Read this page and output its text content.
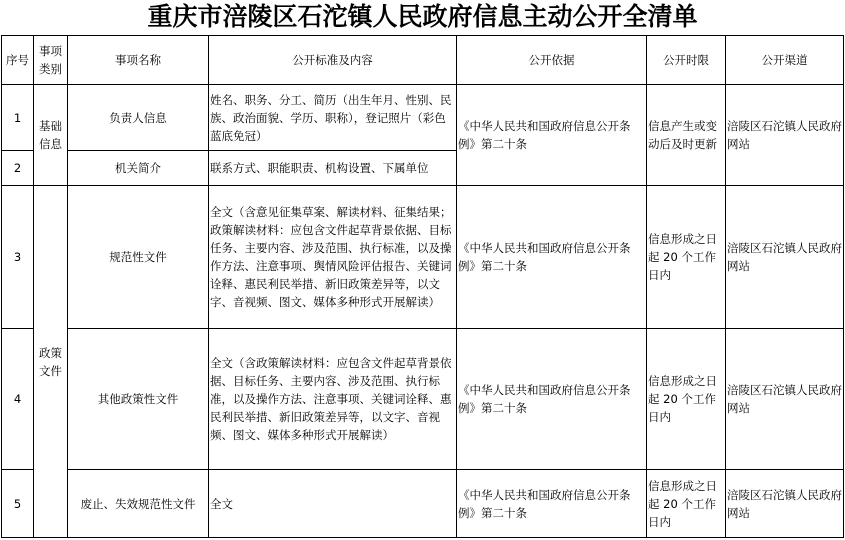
重庆市涪陵区石沱镇人民政府信息主动公开全清单
序号	事项类别	事项名称	公开标准及内容	公开依据	公开时限	公开渠道
1	基础信息	负责人信息	姓名、职务、分工、简历（出生年月、性别、民族、政治面貌、学历、职称），登记照片（彩色蓝底免冠）	《中华人民共和国政府信息公开条例》第二十条	信息产生或变动后及时更新	涪陵区石沱镇人民政府网站
2		机关简介	联系方式、职能职责、机构设置、下属单位			
3	政策文件	规范性文件	全文（含意见征集草案、解读材料、征集结果；政策解读材料：应包含文件起草背景依据、目标任务、主要内容、涉及范围、执行标准，以及操作方法、注意事项、舆情风险评估报告、关键词诠释、惠民利民举措、新旧政策差异等，以文字、音视频、图文、媒体多种形式开展解读）	《中华人民共和国政府信息公开条例》第二十条	信息形成之日起 20 个工作日内	涪陵区石沱镇人民政府网站
4		其他政策性文件	全文（含政策解读材料：应包含文件起草背景依据、目标任务、主要内容、涉及范围、执行标准，以及操作方法、注意事项、关键词诠释、惠民利民举措、新旧政策差异等，以文字、音视频、图文、媒体多种形式开展解读）	《中华人民共和国政府信息公开条例》第二十条	信息形成之日起 20 个工作日内	涪陵区石沱镇人民政府网站
5		废止、失效规范性文件	全文	《中华人民共和国政府信息公开条例》第二十条	信息形成之日起 20 个工作日内	涪陵区石沱镇人民政府网站
